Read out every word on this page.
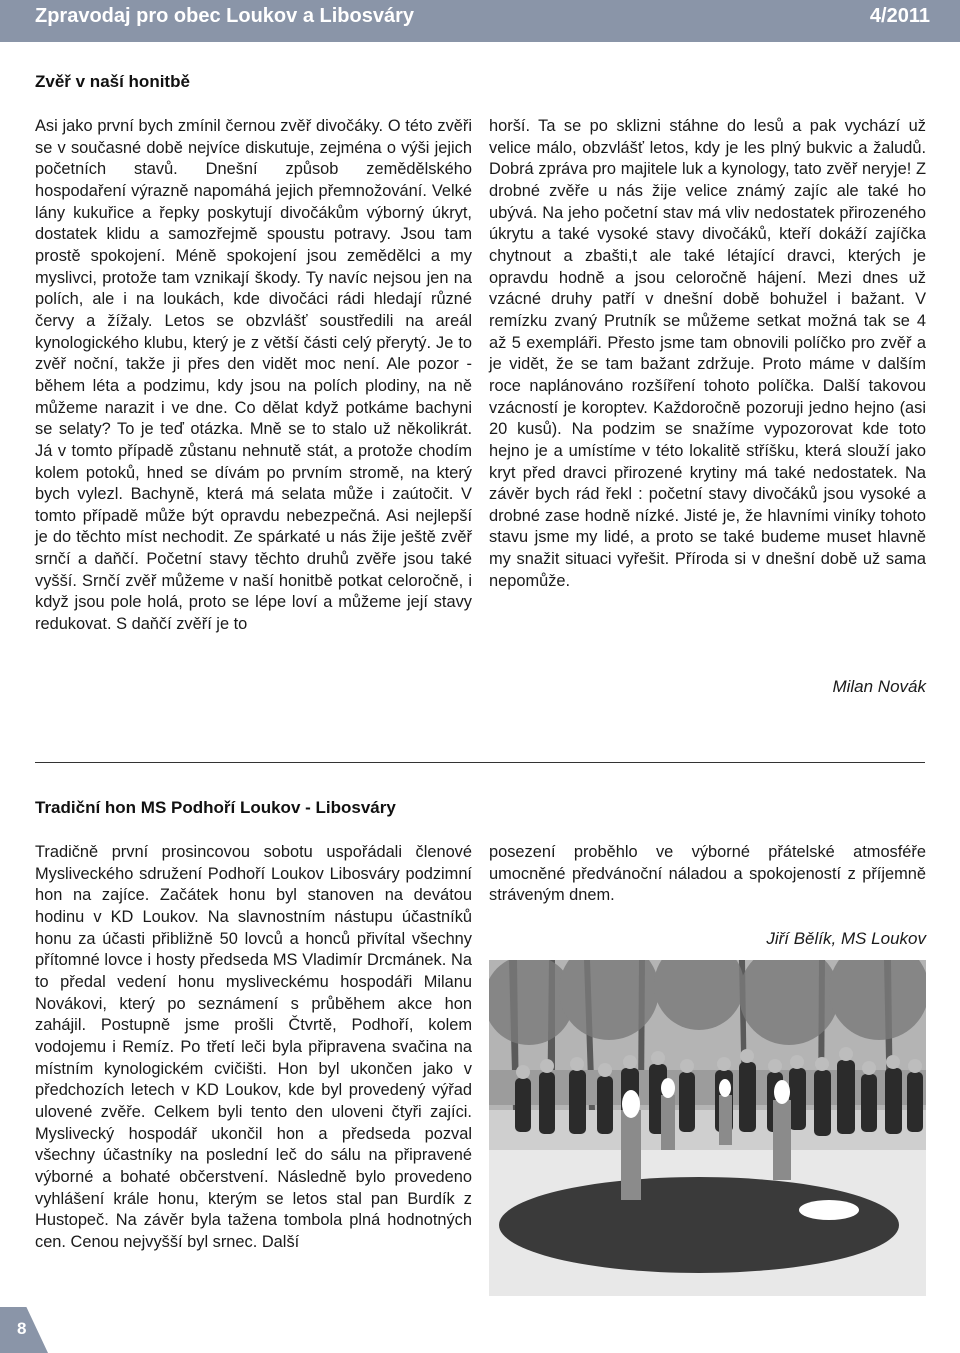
Zpravodaj pro obec Loukov a Libosváry	4/2011
Zvěř v naší honitbě

Asi jako první bych zmínil černou zvěř divočáky. O této zvěři se v současné době nejvíce diskutuje, zejména o výši jejich početních stavů. Dnešní způsob zemědělského hospodaření výrazně napomáhá jejich přemnožování. Velké lány kukuřice a řepky poskytují divočákům výborný úkryt, dostatek klidu a samozřejmě spoustu potravy. Jsou tam prostě spokojení. Méně spokojení jsou zemědělci a my myslivci, protože tam vznikají škody. Ty navíc nejsou jen na polích, ale i na loukách, kde divočáci rádi hledají různé červy a žížaly. Letos se obzvlášť soustředili na areál kynologického klubu, který je z větší části celý přerytý. Je to zvěř noční, takže ji přes den vidět moc není. Ale pozor - během léta a podzimu, kdy jsou na polích plodiny, na ně můžeme narazit i ve dne. Co dělat když potkáme bachyni se selaty? To je teď otázka. Mně se to stalo už několikrát. Já v tomto případě zůstanu nehnutě stát, a protože chodím kolem potoků, hned se dívám po prvním stromě, na který bych vylezl. Bachyně, která má selata může i zaútočit. V tomto případě může být opravdu nebezpečná. Asi nejlepší je do těchto míst nechodit. Ze spárkaté u nás žije ještě zvěř srnčí a daňčí. Početní stavy těchto druhů zvěře jsou také vyšší. Srnčí zvěř můžeme v naší honitbě potkat celoročně, i když jsou pole holá, proto se lépe loví a můžeme její stavy redukovat. S daňčí zvěří je to

horší. Ta se po sklizni stáhne do lesů a pak vychází už velice málo, obzvlášť letos, kdy je les plný bukvic a žaludů. Dobrá zpráva pro majitele luk a kynology, tato zvěř neryje! Z drobné zvěře u nás žije velice známý zajíc ale také ho ubývá. Na jeho početní stav má vliv nedostatek přirozeného úkrytu a také vysoké stavy divočáků, kteří dokáží zajíčka chytnout a zbašti,t ale také létající dravci, kterých je opravdu hodně a jsou celoročně hájení. Mezi dnes už vzácné druhy patří v dnešní době bohužel i bažant. V remízku zvaný Prutník se můžeme setkat možná tak se 4 až 5 exempláři. Přesto jsme tam obnovili políčko pro zvěř a je vidět, že se tam bažant zdržuje. Proto máme v dalším roce naplánováno rozšíření tohoto políčka. Další takovou vzácností je koroptev. Každoročně pozoruji jedno hejno (asi 20 kusů). Na podzim se snažíme vypozorovat kde toto hejno je a umístíme v této lokalitě stříšku, která slouží jako kryt před dravci přirozené krytiny má také nedostatek. Na závěr bych rád řekl : početní stavy divočáků jsou vysoké a drobné zase hodně nízké. Jisté je, že hlavními viníky tohoto stavu jsme my lidé, a proto se také budeme muset hlavně my snažit situaci vyřešit. Příroda si v dnešní době už sama nepomůže.

Milan Novák
Tradiční hon MS Podhoří Loukov - Libosváry

Tradičně první prosincovou sobotu uspořádali členové Mysliveckého sdružení Podhoří Loukov Libosváry podzimní hon na zajíce. Začátek honu byl stanoven na devátou hodinu v KD Loukov. Na slavnostním nástupu účastníků honu za účasti přibližně 50 lovců a honců přivítal všechny přítomné lovce i hosty předseda MS Vladimír Drcmánek. Na to předal vedení honu mysliveckému hospodáři Milanu Novákovi, který po seznámení s průběhem akce hon zahájil. Postupně jsme prošli Čtvrtě, Podhoří, kolem vodojemu i Remíz. Po třetí leči byla připravena svačina na místním kynologickém cvičišti. Hon byl ukončen jako v předchozích letech v KD Loukov, kde byl provedený výřad ulovené zvěře. Celkem byli tento den uloveni čtyři zajíci. Myslivecký hospodář ukončil hon a předseda pozval všechny účastníky na poslední leč do sálu na připravené výborné a bohaté občerstvení. Následně bylo provedeno vyhlášení krále honu, kterým se letos stal pan Burdík z Hustopeč. Na závěr byla tažena tombola plná hodnotných cen. Cenou nejvyšší byl srnec. Další

posezení proběhlo ve výborné přátelské atmosféře umocněné předvánoční náladou a spokojeností z příjemně stráveným dnem.

Jiří Bělík, MS Loukov
8
